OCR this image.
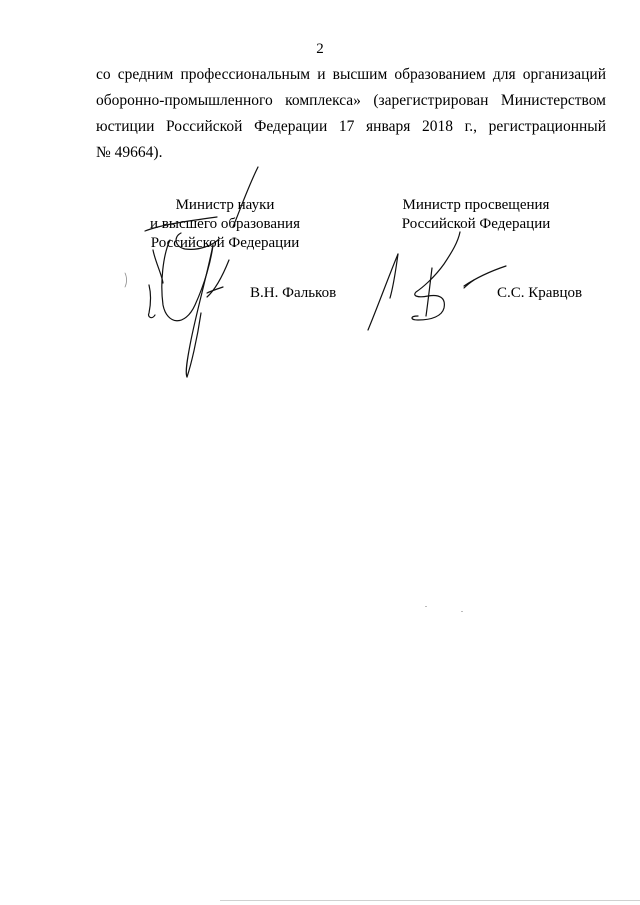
2
со средним профессиональным и высшим образованием для организаций
оборонно-промышленного комплекса» (зарегистрирован Министерством
юстиции Российской Федерации 17 января 2018 г., регистрационный
№ 49664).
Министр науки
и высшего образования
Российской Федерации
В.Н. Фальков
Министр просвещения
Российской Федерации
С.С. Кравцов
